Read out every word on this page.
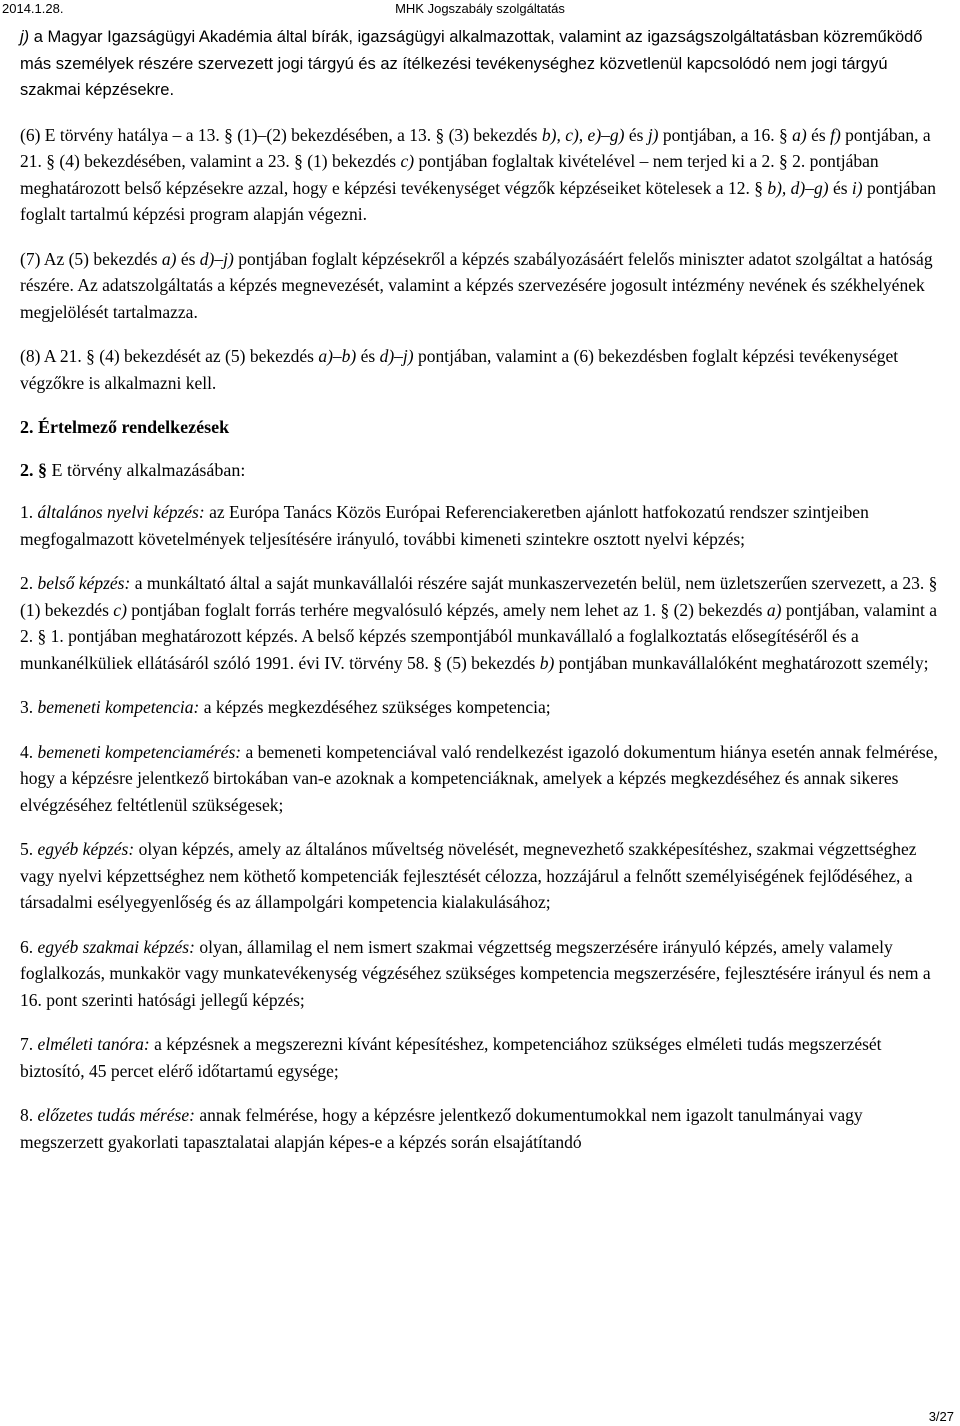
MHK Jogszabály szolgáltatás
2014.1.28.

j) a Magyar Igazságügyi Akadémia által bírák, igazságügyi alkalmazottak, valamint az igazságszolgáltatásban közreműködő más személyek részére szervezett jogi tárgyú és az ítélkezési tevékenységhez közvetlenül kapcsolódó nem jogi tárgyú szakmai képzésekre.

(6) E törvény hatálya – a 13. § (1)–(2) bekezdésében, a 13. § (3) bekezdés b), c), e)–g) és j) pontjában, a 16. § a) és f) pontjában, a 21. § (4) bekezdésében, valamint a 23. § (1) bekezdés c) pontjában foglaltak kivételével – nem terjed ki a 2. § 2. pontjában meghatározott belső képzésekre azzal, hogy e képzési tevékenységet végzők képzéseiket kötelesek a 12. § b), d)–g) és i) pontjában foglalt tartalmú képzési program alapján végezni.

(7) Az (5) bekezdés a) és d)–j) pontjában foglalt képzésekről a képzés szabályozásáért felelős miniszter adatot szolgáltat a hatóság részére. Az adatszolgáltatás a képzés megnevezését, valamint a képzés szervezésére jogosult intézmény nevének és székhelyének megjelölését tartalmazza.

(8) A 21. § (4) bekezdését az (5) bekezdés a)–b) és d)–j) pontjában, valamint a (6) bekezdésben foglalt képzési tevékenységet végzőkre is alkalmazni kell.

2. Értelmező rendelkezések
2. § E törvény alkalmazásában:

1. általános nyelvi képzés: az Európa Tanács Közös Európai Referenciakeretben ajánlott hatfokozatú rendszer szintjeiben megfogalmazott követelmények teljesítésére irányuló, további kimeneti szintekre osztott nyelvi képzés;

2. belső képzés: a munkáltató által a saját munkavállalói részére saját munkaszervezetén belül, nem üzletszerűen szervezett, a 23. § (1) bekezdés c) pontjában foglalt forrás terhére megvalósuló képzés, amely nem lehet az 1. § (2) bekezdés a) pontjában, valamint a 2. § 1. pontjában meghatározott képzés. A belső képzés szempontjából munkavállaló a foglalkoztatás elősegítéséről és a munkanélküliek ellátásáról szóló 1991. évi IV. törvény 58. § (5) bekezdés b) pontjában munkavállalóként meghatározott személy;

3. bemeneti kompetencia: a képzés megkezdéséhez szükséges kompetencia;

4. bemeneti kompetenciamérés: a bemeneti kompetenciával való rendelkezést igazoló dokumentum hiánya esetén annak felmérése, hogy a képzésre jelentkező birtokában van-e azoknak a kompetenciáknak, amelyek a képzés megkezdéséhez és annak sikeres elvégzéséhez feltétlenül szükségesek;

5. egyéb képzés: olyan képzés, amely az általános műveltség növelését, megnevezhető szakképesítéshez, szakmai végzettséghez vagy nyelvi képzettséghez nem köthető kompetenciák fejlesztését célozza, hozzájárul a felnőtt személyiségének fejlődéséhez, a társadalmi esélyegyenlőség és az állampolgári kompetencia kialakulásához;

6. egyéb szakmai képzés: olyan, államilag el nem ismert szakmai végzettség megszerzésére irányuló képzés, amely valamely foglalkozás, munkakör vagy munkatevékenység végzéséhez szükséges kompetencia megszerzésére, fejlesztésére irányul és nem a 16. pont szerinti hatósági jellegű képzés;

7. elméleti tanóra: a képzésnek a megszerezni kívánt képesítéshez, kompetenciához szükséges elméleti tudás megszerzését biztosító, 45 percet elérő időtartamú egysége;

8. előzetes tudás mérése: annak felmérése, hogy a képzésre jelentkező dokumentumokkal nem igazolt tanulmányai vagy megszerzett gyakorlati tapasztalatai alapján képes-e a képzés során elsajátítandó

3/27
